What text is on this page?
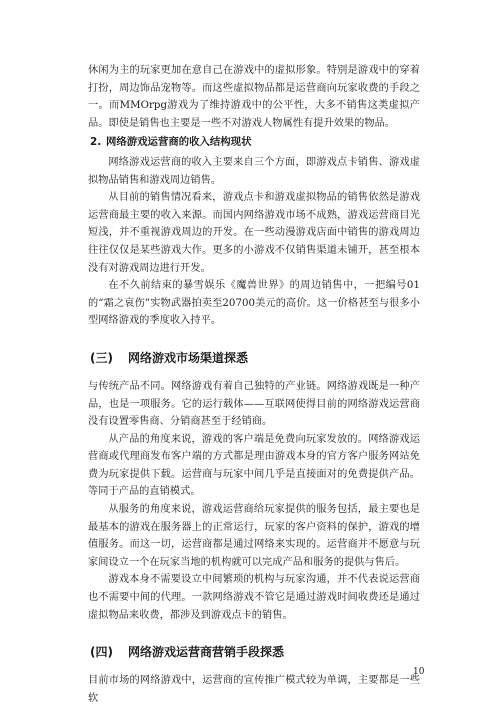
休闲为主的玩家更加在意自己在游戏中的虚拟形象。特别是游戏中的穿着打扮，周边饰品宠物等。而这些虚拟物品都是运营商向玩家收费的手段之一。而MMOrpg游戏为了维持游戏中的公平性，大多不销售这类虚拟产品。即使是销售也主要是一些不对游戏人物属性有提升效果的物品。

2. 网络游戏运营商的收入结构现状

网络游戏运营商的收入主要来自三个方面，即游戏点卡销售、游戏虚拟物品销售和游戏周边销售。

从目前的销售情况看来，游戏点卡和游戏虚拟物品的销售依然是游戏运营商最主要的收入来源。而国内网络游戏市场不成熟，游戏运营商目光短浅，并不重视游戏周边的开发。在一些动漫游戏店面中销售的游戏周边往往仅仅是某些游戏大作。更多的小游戏不仅销售渠道未铺开，甚至根本没有对游戏周边进行开发。

在不久前结束的暴雪娱乐《魔兽世界》的周边销售中，一把编号01的“霜之哀伤”实物武器拍卖至20700美元的高价。这一价格甚至与很多小型网络游戏的季度收入持平。

(三) 网络游戏市场渠道探悉

与传统产品不同。网络游戏有着自己独特的产业链。网络游戏既是一种产品，也是一项服务。它的运行载体——互联网使得目前的网络游戏运营商没有设置零售商、分销商甚至于经销商。

从产品的角度来说，游戏的客户端是免费向玩家发放的。网络游戏运营商或代理商发布客户端的方式都是理由游戏本身的官方客户服务网站免费为玩家提供下载。运营商与玩家中间几乎是直接面对的免费提供产品。等同于产品的直销模式。

从服务的角度来说，游戏运营商给玩家提供的服务包括，最主要也是最基本的游戏在服务器上的正常运行，玩家的客户资料的保护，游戏的增值服务。而这一切，运营商都是通过网络来实现的。运营商并不愿意与玩家间设立一个在玩家当地的机构就可以完成产品和服务的提供与售后。

游戏本身不需要设立中间繁琐的机构与玩家沟通，并不代表说运营商也不需要中间的代理。一款网络游戏不管它是通过游戏时间收费还是通过虚拟物品来收费，都涉及到游戏点卡的销售。

(四) 网络游戏运营商营销手段探悉

目前市场的网络游戏中，运营商的宣传推广模式较为单调，主要都是一些软

10
